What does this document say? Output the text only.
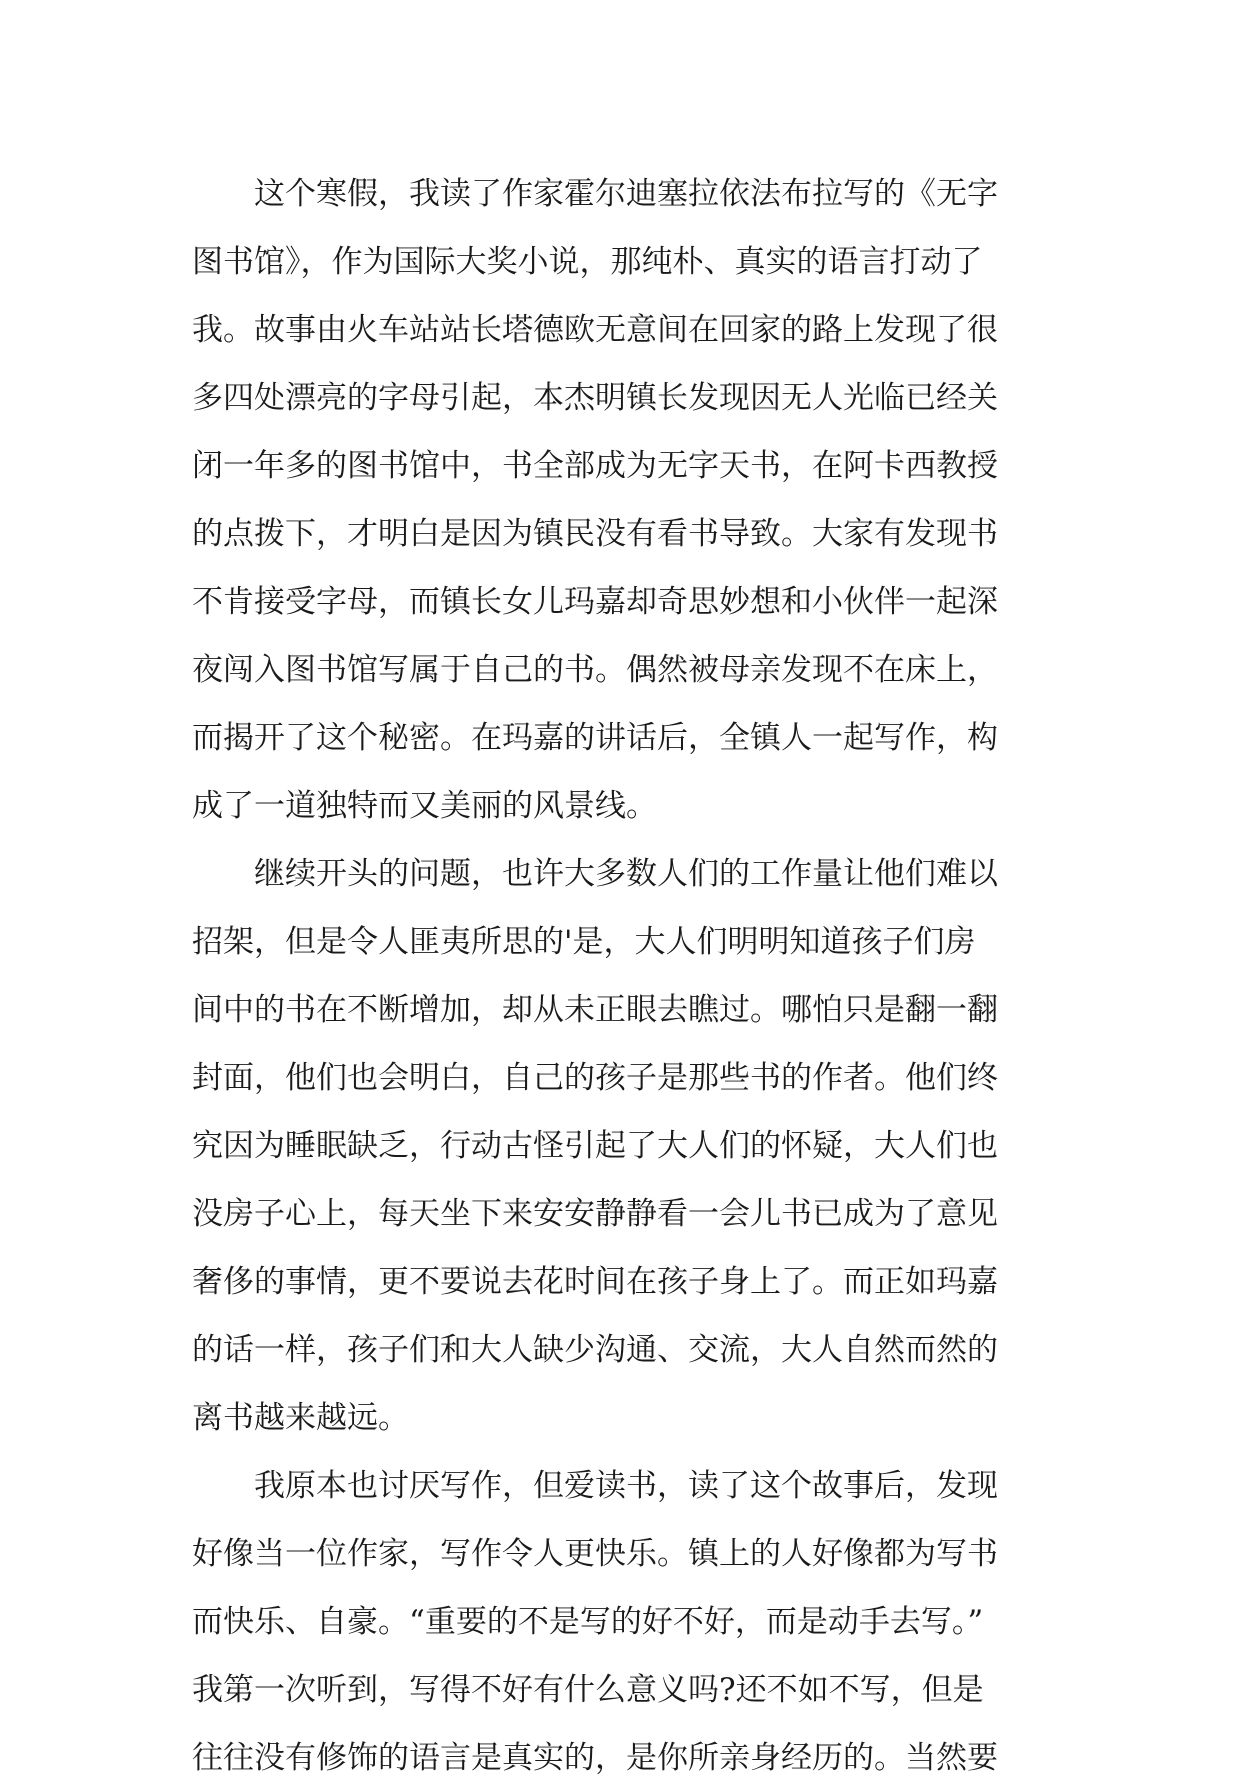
这个寒假，我读了作家霍尔迪塞拉依法布拉写的《无字
图书馆》，作为国际大奖小说，那纯朴、真实的语言打动了
我。故事由火车站站长塔德欧无意间在回家的路上发现了很
多四处漂亮的字母引起，本杰明镇长发现因无人光临已经关
闭一年多的图书馆中，书全部成为无字天书，在阿卡西教授
的点拨下，才明白是因为镇民没有看书导致。大家有发现书
不肯接受字母，而镇长女儿玛嘉却奇思妙想和小伙伴一起深
夜闯入图书馆写属于自己的书。偶然被母亲发现不在床上，
而揭开了这个秘密。在玛嘉的讲话后，全镇人一起写作，构
成了一道独特而又美丽的风景线。
继续开头的问题，也许大多数人们的工作量让他们难以
招架，但是令人匪夷所思的'是，大人们明明知道孩子们房
间中的书在不断增加，却从未正眼去瞧过。哪怕只是翻一翻
封面，他们也会明白，自己的孩子是那些书的作者。他们终
究因为睡眠缺乏，行动古怪引起了大人们的怀疑，大人们也
没房子心上，每天坐下来安安静静看一会儿书已成为了意见
奢侈的事情，更不要说去花时间在孩子身上了。而正如玛嘉
的话一样，孩子们和大人缺少沟通、交流，大人自然而然的
离书越来越远。
我原本也讨厌写作，但爱读书，读了这个故事后，发现
好像当一位作家，写作令人更快乐。镇上的人好像都为写书
而快乐、自豪。“重要的不是写的好不好，而是动手去写。”
我第一次听到，写得不好有什么意义吗?还不如不写，但是
往往没有修饰的语言是真实的，是你所亲身经历的。当然要
